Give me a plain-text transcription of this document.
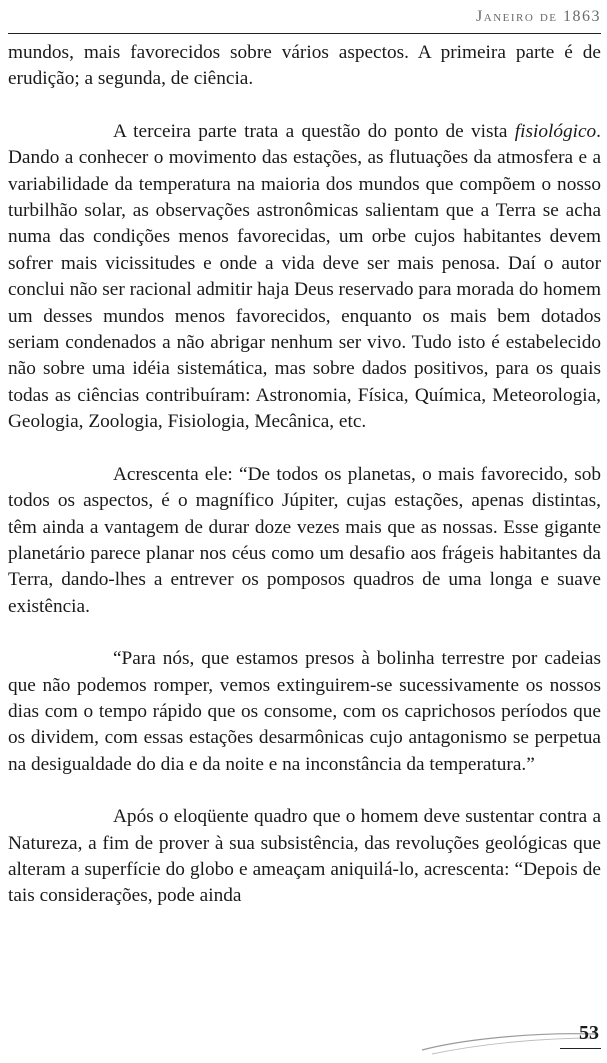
Janeiro de 1863

mundos, mais favorecidos sobre vários aspectos. A primeira parte é de erudição; a segunda, de ciência.

A terceira parte trata a questão do ponto de vista fisiológico. Dando a conhecer o movimento das estações, as flutuações da atmosfera e a variabilidade da temperatura na maioria dos mundos que compõem o nosso turbilhão solar, as observações astronômicas salientam que a Terra se acha numa das condições menos favorecidas, um orbe cujos habitantes devem sofrer mais vicissitudes e onde a vida deve ser mais penosa. Daí o autor conclui não ser racional admitir haja Deus reservado para morada do homem um desses mundos menos favorecidos, enquanto os mais bem dotados seriam condenados a não abrigar nenhum ser vivo. Tudo isto é estabelecido não sobre uma idéia sistemática, mas sobre dados positivos, para os quais todas as ciências contribuíram: Astronomia, Física, Química, Meteorologia, Geologia, Zoologia, Fisiologia, Mecânica, etc.

Acrescenta ele: “De todos os planetas, o mais favorecido, sob todos os aspectos, é o magnífico Júpiter, cujas estações, apenas distintas, têm ainda a vantagem de durar doze vezes mais que as nossas. Esse gigante planetário parece planar nos céus como um desafio aos frágeis habitantes da Terra, dando-lhes a entrever os pomposos quadros de uma longa e suave existência.

“Para nós, que estamos presos à bolinha terrestre por cadeias que não podemos romper, vemos extinguirem-se sucessivamente os nossos dias com o tempo rápido que os consome, com os caprichosos períodos que os dividem, com essas estações desarmônicas cujo antagonismo se perpetua na desigualdade do dia e da noite e na inconstância da temperatura.”

Após o eloqüente quadro que o homem deve sustentar contra a Natureza, a fim de prover à sua subsistência, das revoluções geológicas que alteram a superfície do globo e ameaçam aniquilá-lo, acrescenta: “Depois de tais considerações, pode ainda

53
